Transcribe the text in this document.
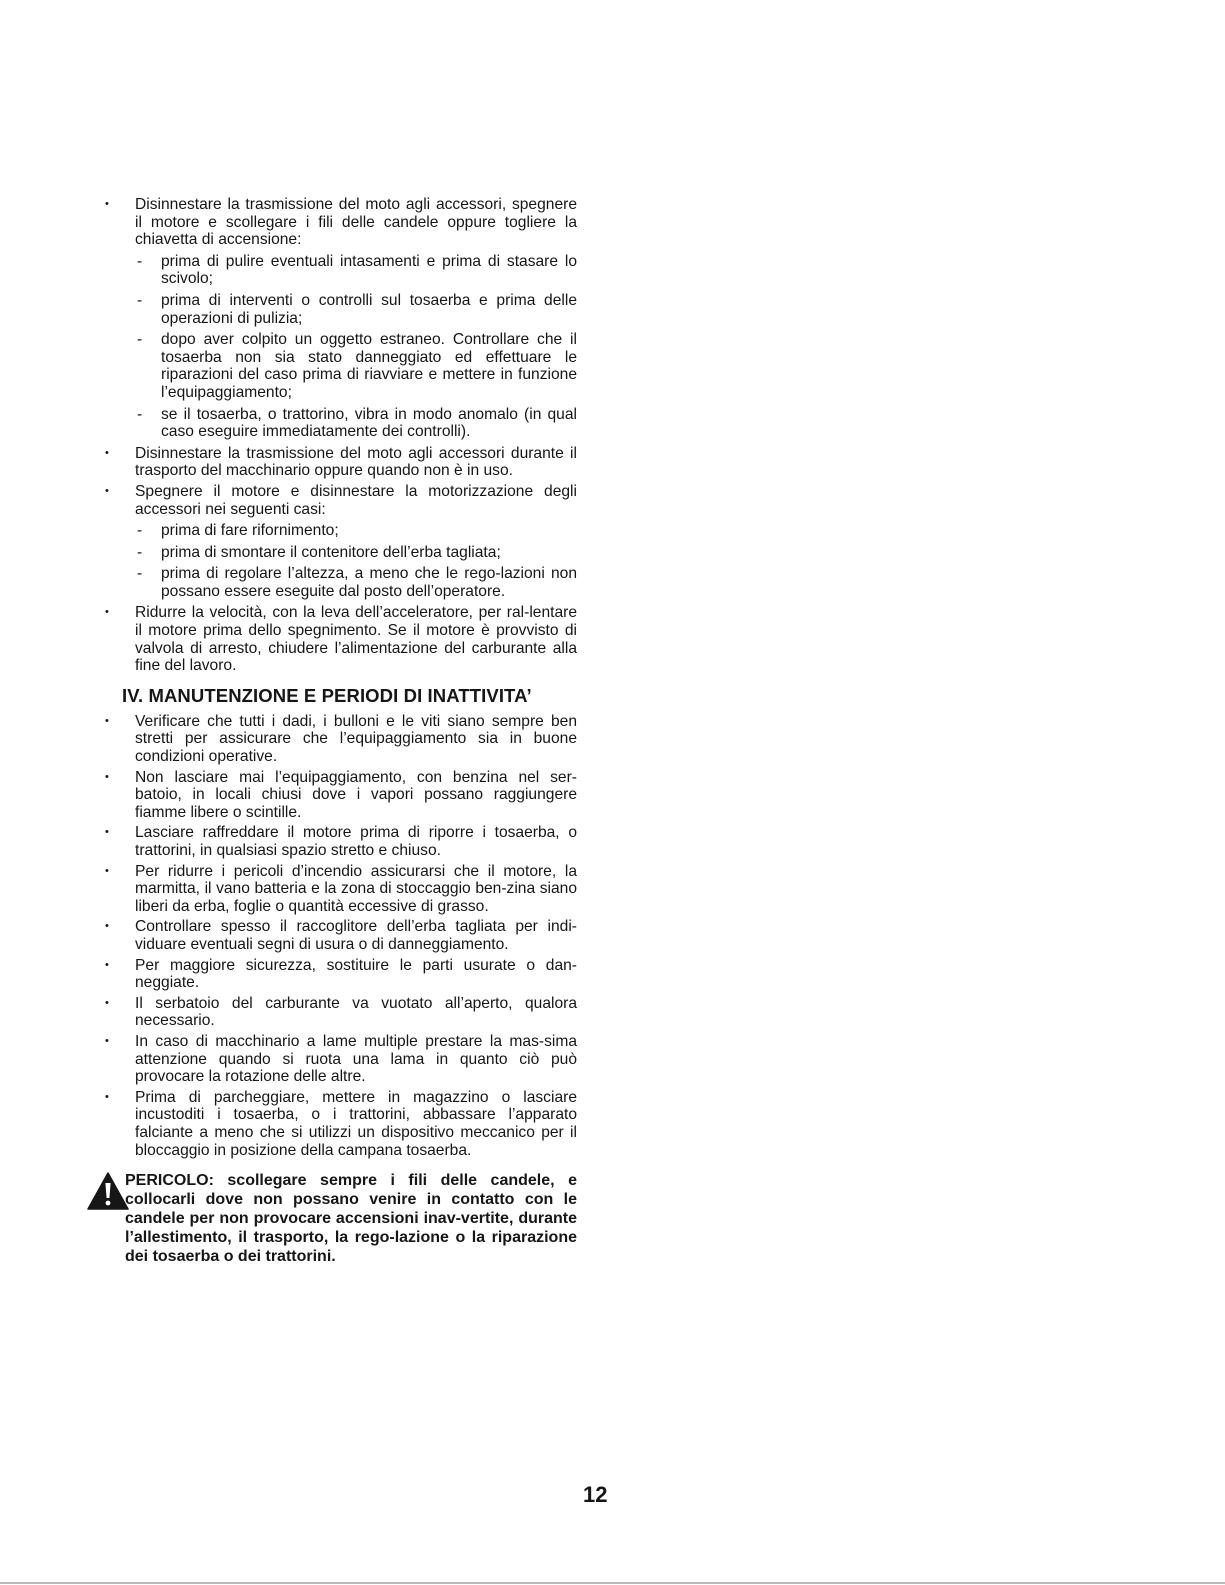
• Disinnestare la trasmissione del moto agli accessori, spegnere il motore e scollegare i fili delle candele oppure togliere la chiavetta di accensione:
- prima di pulire eventuali intasamenti e prima di stasare lo scivolo;
- prima di interventi o controlli sul tosaerba e prima delle operazioni di pulizia;
- dopo aver colpito un oggetto estraneo. Controllare che il tosaerba non sia stato danneggiato ed effettuare le riparazioni del caso prima di riavviare e mettere in funzione l’equipaggiamento;
- se il tosaerba, o trattorino, vibra in modo anomalo (in qual caso eseguire immediatamente dei controlli).
• Disinnestare la trasmissione del moto agli accessori durante il trasporto del macchinario oppure quando non è in uso.
• Spegnere il motore e disinnestare la motorizzazione degli accessori nei seguenti casi:
- prima di fare rifornimento;
- prima di smontare il contenitore dell’erba tagliata;
- prima di regolare l’altezza, a meno che le rego-lazioni non possano essere eseguite dal posto dell’operatore.
• Ridurre la velocità, con la leva dell’acceleratore, per ral-lentare il motore prima dello spegnimento. Se il motore è provvisto di valvola di arresto, chiudere l’alimentazione del carburante alla fine del lavoro.
IV. MANUTENZIONE E PERIODI DI INATTIVITA’
• Verificare che tutti i dadi, i bulloni e le viti siano sempre ben stretti per assicurare che l’equipaggiamento sia in buone condizioni operative.
• Non lasciare mai l’equipaggiamento, con benzina nel ser-batoio, in locali chiusi dove i vapori possano raggiungere fiamme libere o scintille.
• Lasciare raffreddare il motore prima di riporre i tosaerba, o trattorini, in qualsiasi spazio stretto e chiuso.
• Per ridurre i pericoli d’incendio assicurarsi che il motore, la marmitta, il vano batteria e la zona di stoccaggio ben-zina siano liberi da erba, foglie o quantità eccessive di grasso.
• Controllare spesso il raccoglitore dell’erba tagliata per indi-viduare eventuali segni di usura o di danneggiamento.
• Per maggiore sicurezza, sostituire le parti usurate o dan-neggiate.
• Il serbatoio del carburante va vuotato all’aperto, qualora necessario.
• In caso di macchinario a lame multiple prestare la mas-sima attenzione quando si ruota una lama in quanto ciò può provocare la rotazione delle altre.
• Prima di parcheggiare, mettere in magazzino o lasciare incustoditi i tosaerba, o i trattorini, abbassare l’apparato falciante a meno che si utilizzi un dispositivo meccanico per il bloccaggio in posizione della campana tosaerba.
PERICOLO: scollegare sempre i fili delle candele, e collocarli dove non possano venire in contatto con le candele per non provocare accensioni inav-vertite, durante l’allestimento, il trasporto, la rego-lazione o la riparazione dei tosaerba o dei trattorini.
12
